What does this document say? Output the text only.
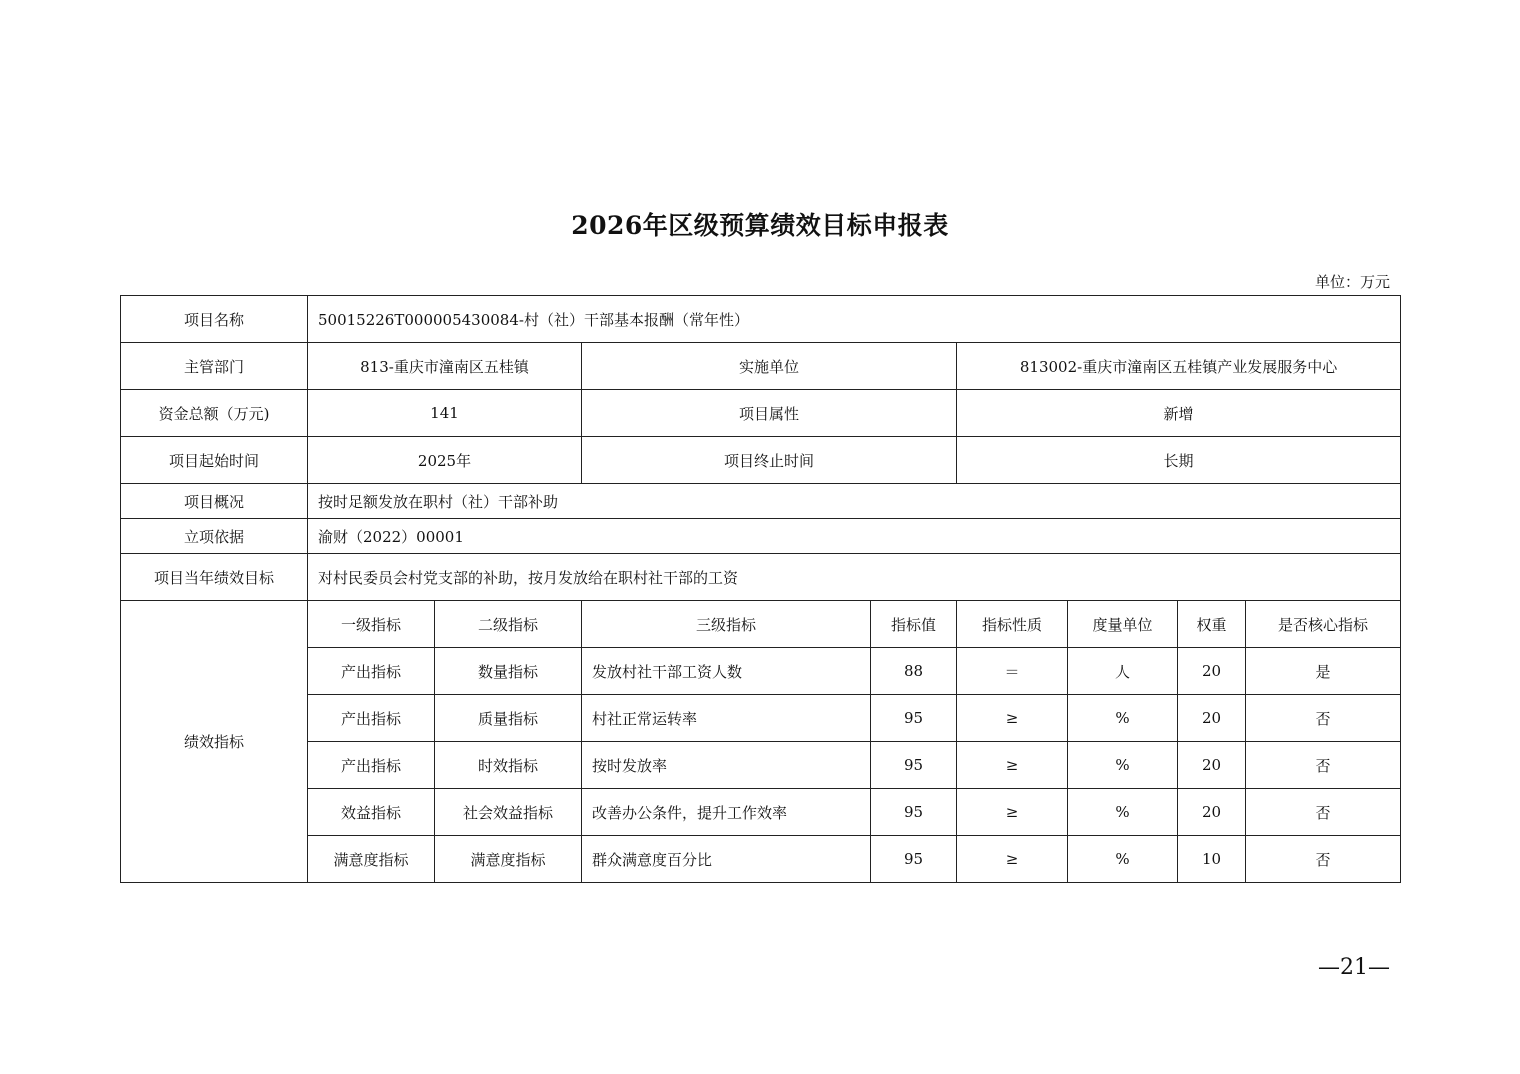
2026年区级预算绩效目标申报表
单位：万元
项目名称	50015226T000005430084-村（社）干部基本报酬（常年性）							
主管部门	813-重庆市潼南区五桂镇		实施单位		813002-重庆市潼南区五桂镇产业发展服务中心			
资金总额（万元)	141		项目属性		新增			
项目起始时间	2025年		项目终止时间		长期			
项目概况	按时足额发放在职村（社）干部补助							
立项依据	渝财（2022）00001							
项目当年绩效目标	对村民委员会村党支部的补助，按月发放给在职村社干部的工资							
绩效指标	一级指标	二级指标	三级指标	指标值	指标性质	度量单位	权重	是否核心指标
	产出指标	数量指标	发放村社干部工资人数	88	＝	人	20	是
	产出指标	质量指标	村社正常运转率	95	≥	%	20	否
	产出指标	时效指标	按时发放率	95	≥	%	20	否
	效益指标	社会效益指标	改善办公条件，提升工作效率	95	≥	%	20	否
	满意度指标	满意度指标	群众满意度百分比	95	≥	%	10	否
—21—
